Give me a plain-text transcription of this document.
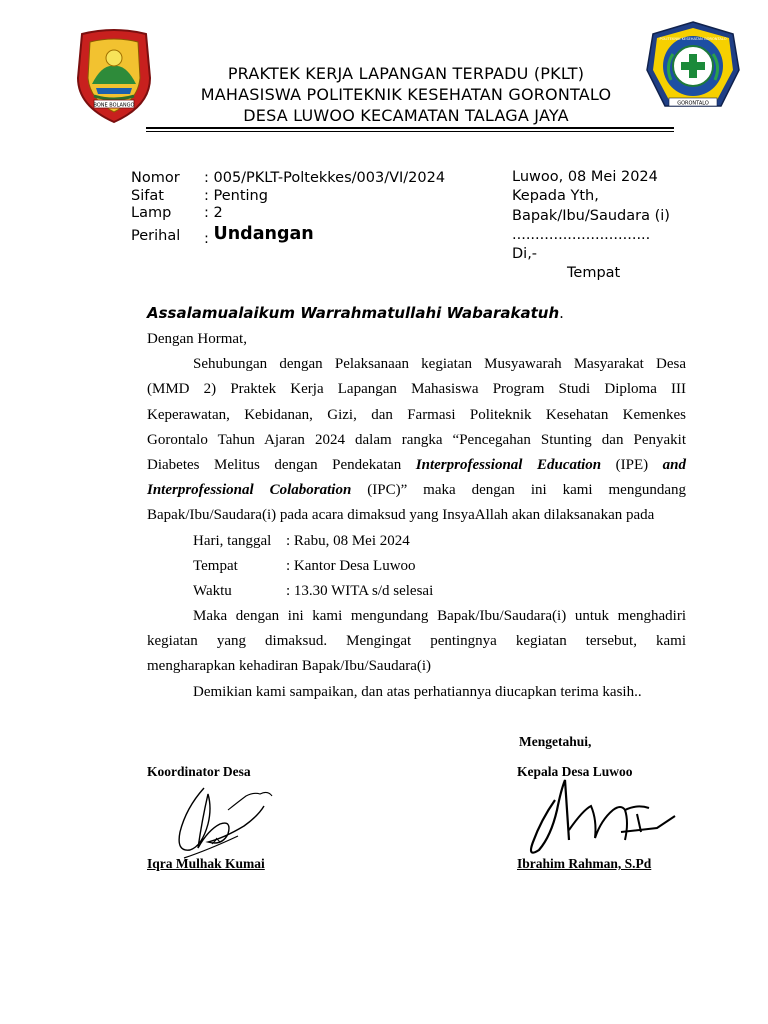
BONE BOLANGO
POLITEKNIK KESEHATAN GORONTALO
GORONTALO
PRAKTEK KERJA LAPANGAN TERPADU (PKLT)
MAHASISWA POLITEKNIK KESEHATAN GORONTALO
DESA LUWOO KECAMATAN TALAGA JAYA
Nomor : 005/PKLT-Poltekkes/003/VI/2024
Sifat	: Penting
Lamp : 2
Perihal : Undangan
Luwoo, 08 Mei 2024
Kepada Yth,
Bapak/Ibu/Saudara (i)
..............................
Di,-
Tempat
Assalamualaikum Warrahmatullahi Wabarakatuh.
Dengan Hormat,
Sehubungan dengan Pelaksanaan kegiatan Musyawarah Masyarakat Desa
(MMD 2) Praktek Kerja Lapangan Mahasiswa Program Studi Diploma III
Keperawatan, Kebidanan, Gizi, dan Farmasi Politeknik Kesehatan Kemenkes
Gorontalo Tahun Ajaran 2024 dalam rangka “Pencegahan Stunting dan Penyakit
Diabetes Melitus dengan Pendekatan Interprofessional Education (IPE) and
Interprofessional Colaboration (IPC)” maka dengan ini kami mengundang
Bapak/Ibu/Saudara(i) pada acara dimaksud yang InsyaAllah akan dilaksanakan pada
Hari, tanggal : Rabu, 08 Mei 2024
Tempat	: Kantor Desa Luwoo
Waktu	: 13.30 WITA s/d selesai
Maka dengan ini kami mengundang Bapak/Ibu/Saudara(i) untuk menghadiri
kegiatan yang dimaksud. Mengingat pentingnya kegiatan tersebut, kami
mengharapkan kehadiran Bapak/Ibu/Saudara(i)
Demikian kami sampaikan, dan atas perhatiannya diucapkan terima kasih..
Mengetahui,
Koordinator Desa	Kepala Desa Luwoo
Iqra Mulhak Kumai	Ibrahim Rahman, S.Pd
